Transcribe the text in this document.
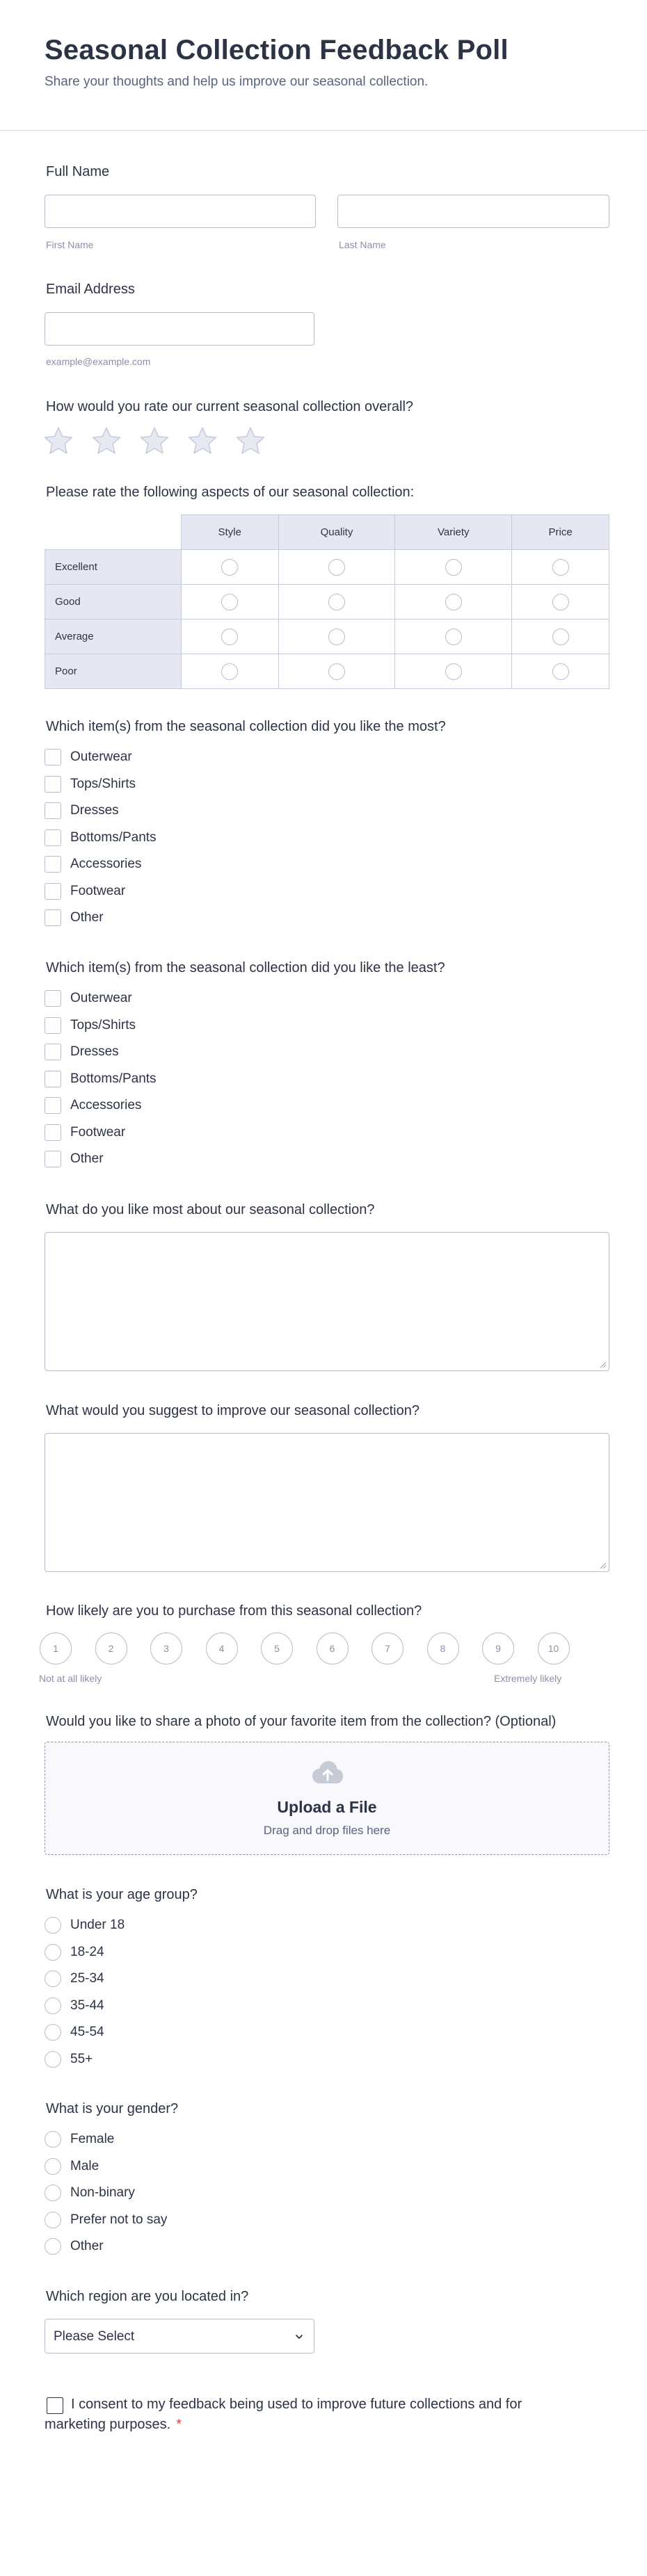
Seasonal Collection Feedback Poll
Share your thoughts and help us improve our seasonal collection.
Full Name
First Name	Last Name
Email Address
example@example.com
How would you rate our current seasonal collection overall?
Please rate the following aspects of our seasonal collection:
	Style	Quality	Variety	Price
Excellent				
Good				
Average				
Poor				
Which item(s) from the seasonal collection did you like the most?
Outerwear
Tops/Shirts
Dresses
Bottoms/Pants
Accessories
Footwear
Other
Which item(s) from the seasonal collection did you like the least?
Outerwear
Tops/Shirts
Dresses
Bottoms/Pants
Accessories
Footwear
Other
What do you like most about our seasonal collection?
What would you suggest to improve our seasonal collection?
How likely are you to purchase from this seasonal collection?
1	2	3	4	5	6	7	8	9	10
Not at all likely	Extremely likely
Would you like to share a photo of your favorite item from the collection? (Optional)
Upload a File
Drag and drop files here
What is your age group?
Under 18
18-24
25-34
35-44
45-54
55+
What is your gender?
Female
Male
Non-binary
Prefer not to say
Other
Which region are you located in?
Please Select
I consent to my feedback being used to improve future collections and for marketing purposes. *
